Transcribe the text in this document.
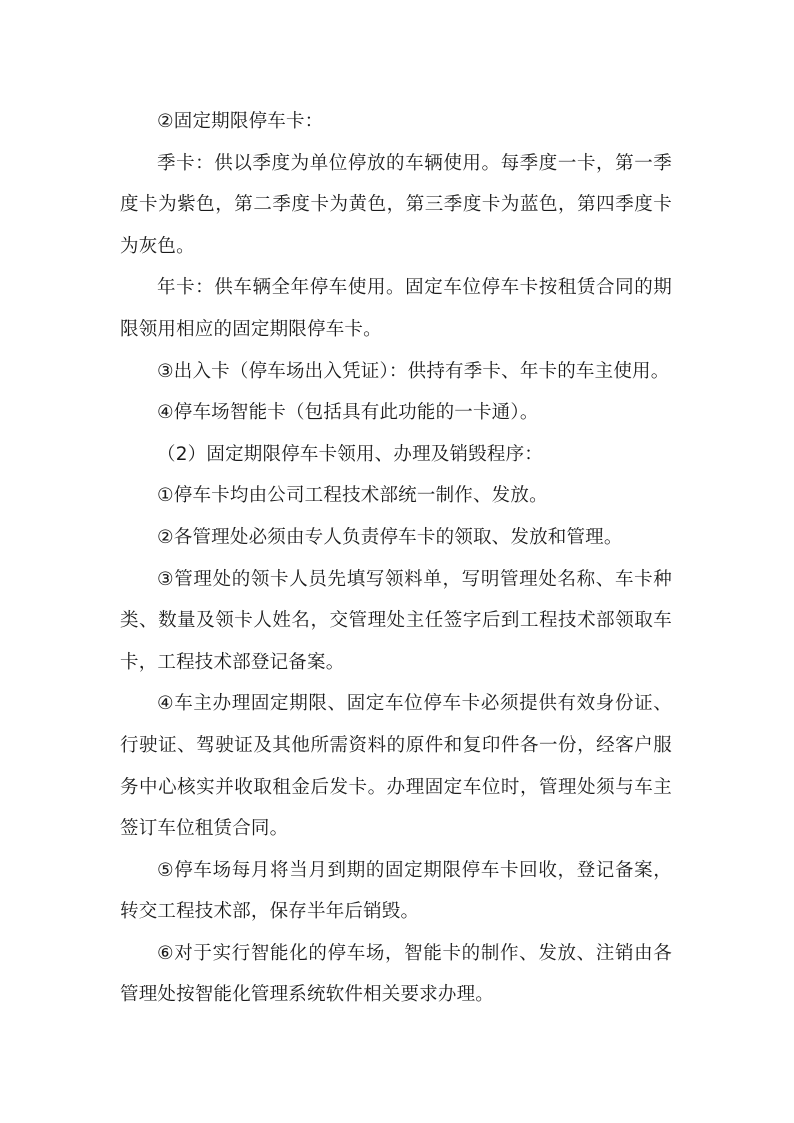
②固定期限停车卡：

季卡：供以季度为单位停放的车辆使用。每季度一卡，第一季度卡为紫色，第二季度卡为黄色，第三季度卡为蓝色，第四季度卡为灰色。

年卡：供车辆全年停车使用。固定车位停车卡按租赁合同的期限领用相应的固定期限停车卡。

③出入卡（停车场出入凭证）：供持有季卡、年卡的车主使用。

④停车场智能卡（包括具有此功能的一卡通）。

（2）固定期限停车卡领用、办理及销毁程序：

①停车卡均由公司工程技术部统一制作、发放。

②各管理处必须由专人负责停车卡的领取、发放和管理。

③管理处的领卡人员先填写领料单，写明管理处名称、车卡种类、数量及领卡人姓名，交管理处主任签字后到工程技术部领取车卡，工程技术部登记备案。

④车主办理固定期限、固定车位停车卡必须提供有效身份证、行驶证、驾驶证及其他所需资料的原件和复印件各一份，经客户服务中心核实并收取租金后发卡。办理固定车位时，管理处须与车主签订车位租赁合同。

⑤停车场每月将当月到期的固定期限停车卡回收，登记备案，转交工程技术部，保存半年后销毁。

⑥对于实行智能化的停车场，智能卡的制作、发放、注销由各管理处按智能化管理系统软件相关要求办理。
